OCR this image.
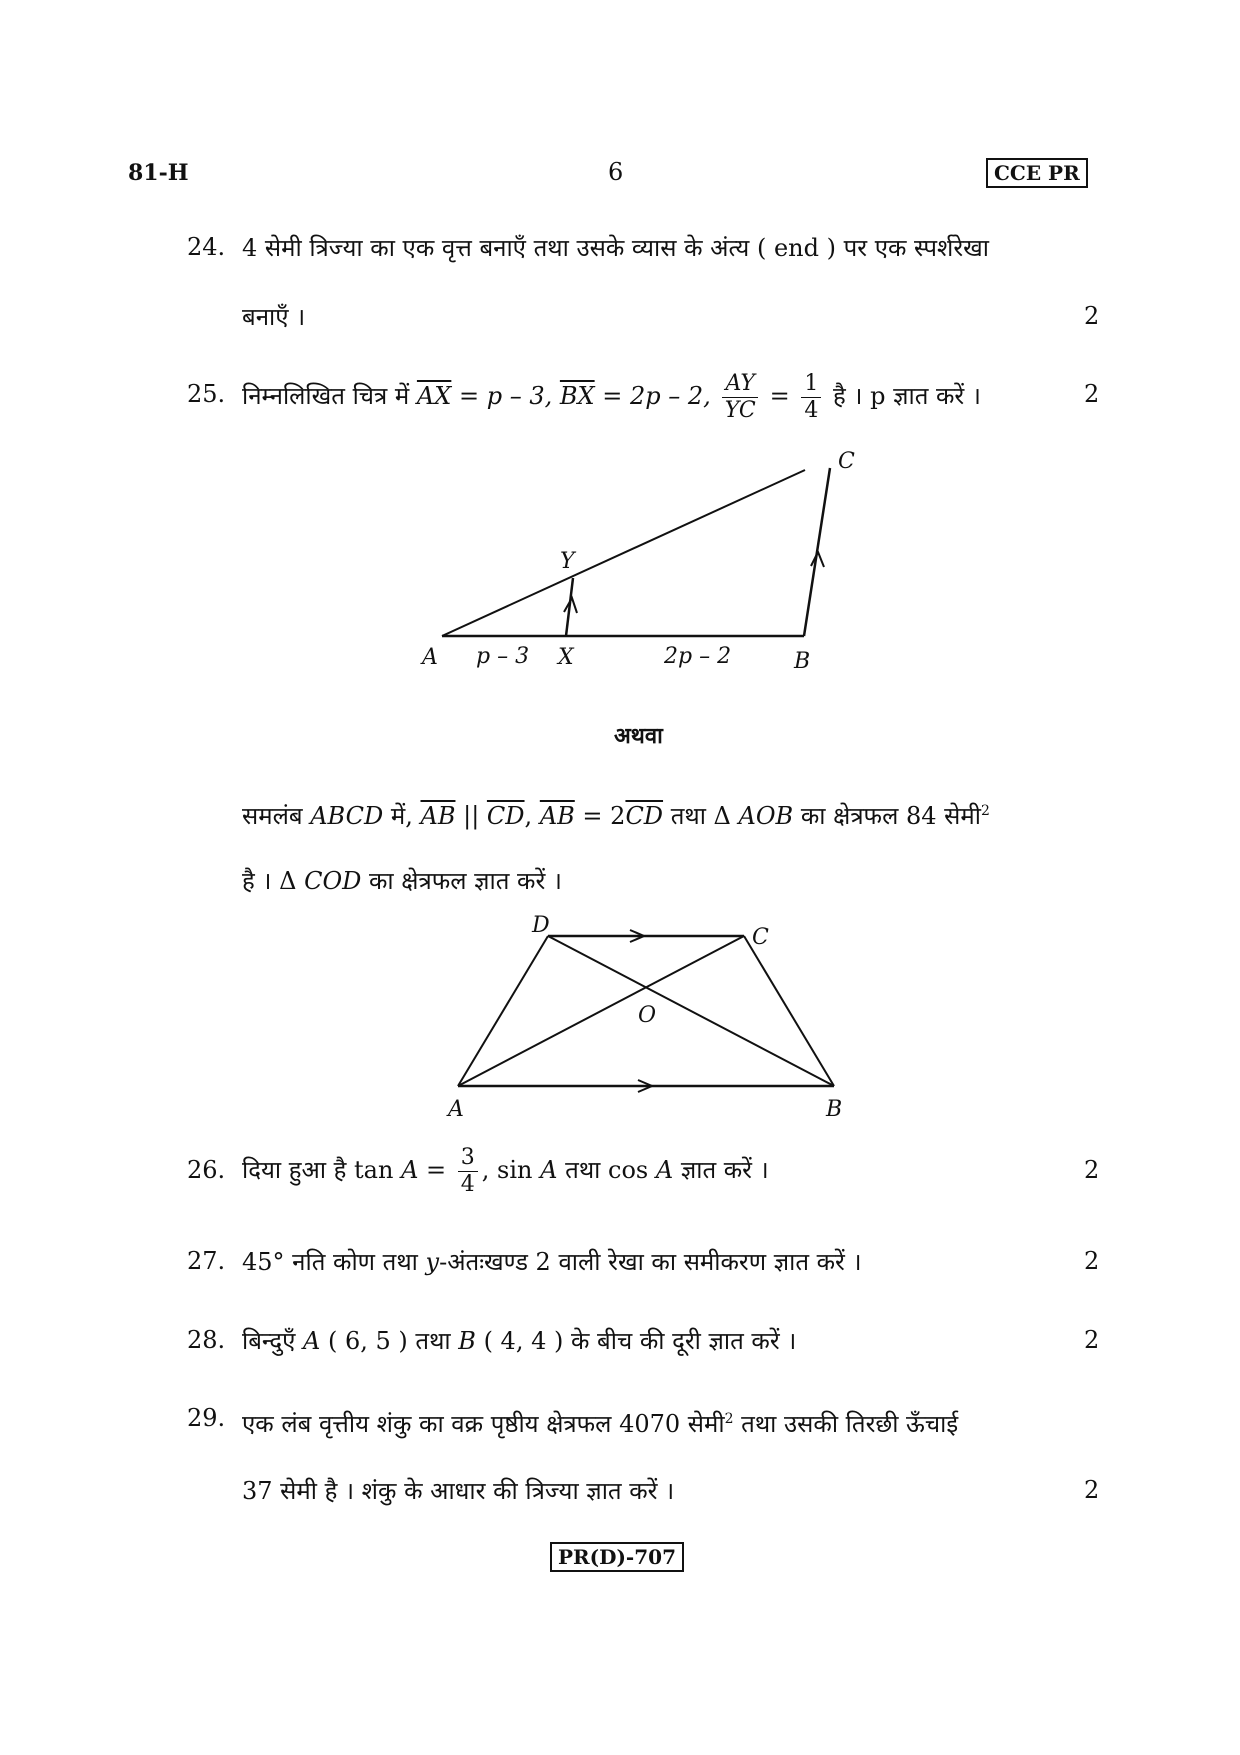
81-H	6	CCE PR
24. 4 सेमी त्रिज्या का एक वृत्त बनाएँ तथा उसके व्यास के अंत्य ( end ) पर एक स्पर्शरेखा
बनाएँ ।	2
25. निम्नलिखित चित्र में $\overline{AX} = p - 3$, $\overline{BX} = 2p - 2$, $\frac{AY}{YC} = \frac{1}{4}$ है । p ज्ञात करें ।	2
A	X	B
Y
C
p – 3	2p – 2
अथवा
समलंब ABCD में, $\overline{AB}$ || $\overline{CD}$, $\overline{AB} = 2\overline{CD}$ तथा Δ AOB का क्षेत्रफल 84 सेमी$^2$
है । Δ COD का क्षेत्रफल ज्ञात करें ।
A	B
C
D
O
26. दिया हुआ है $\tan A = \frac{3}{4}$ , sin A तथा cos A ज्ञात करें ।	2
27. 45° नति कोण तथा y-अंतःखण्ड 2 वाली रेखा का समीकरण ज्ञात करें ।	2
28. बिन्दुएँ A ( 6, 5 ) तथा B ( 4, 4 ) के बीच की दूरी ज्ञात करें ।	2
29. एक लंब वृत्तीय शंकु का वक्र पृष्ठीय क्षेत्रफल 4070 सेमी$^2$ तथा उसकी तिरछी ऊँचाई
37 सेमी है । शंकु के आधार की त्रिज्या ज्ञात करें ।	2
PR(D)-707
